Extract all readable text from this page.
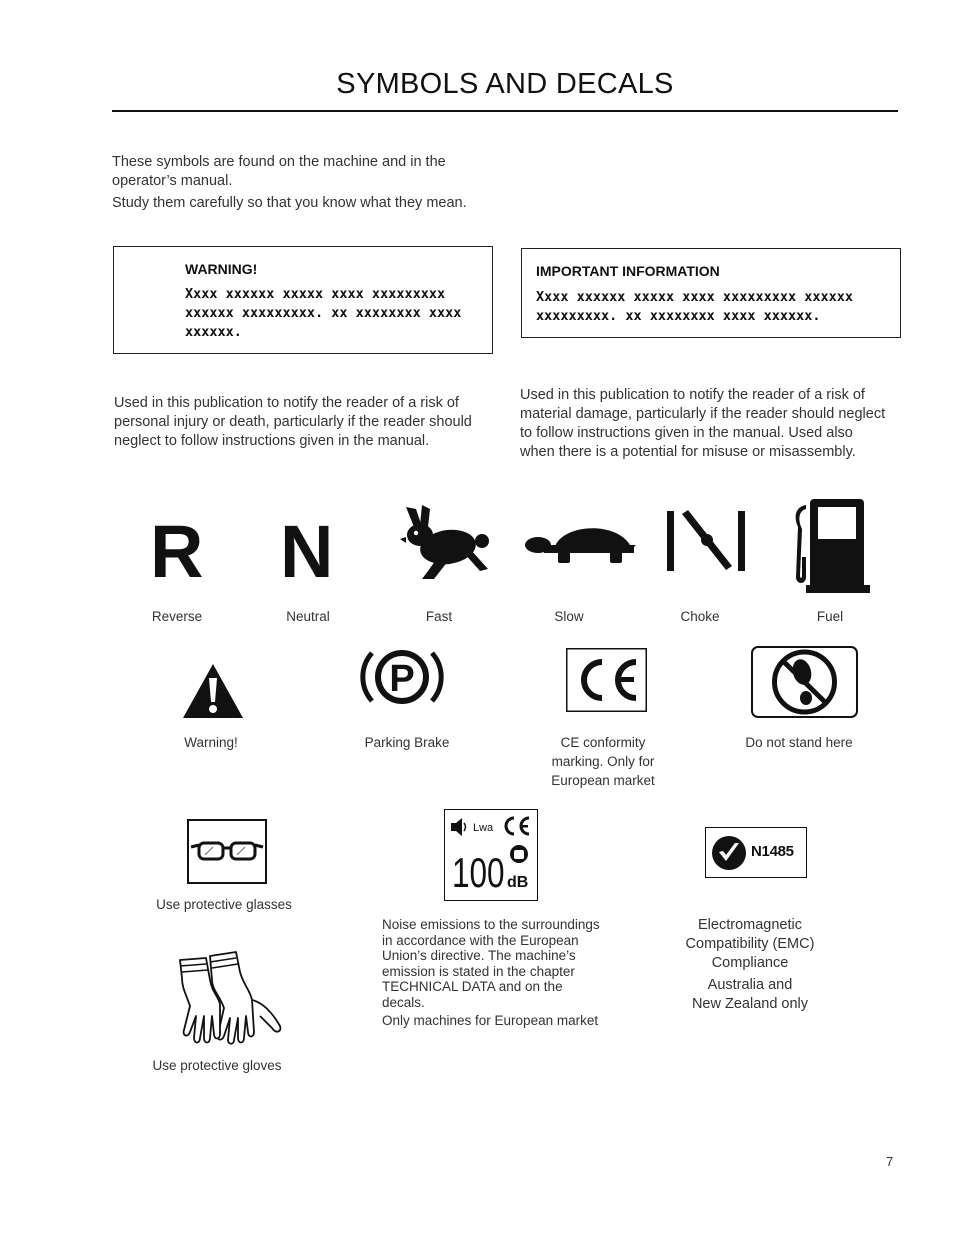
SYMBOLS AND DECALS

These symbols are found on the machine and in the operator’s manual.

Study them carefully so that you know what they mean.

WARNING!
Xxxx xxxxxx xxxxx xxxx xxxxxxxxx xxxxxx xxxxxxxxx. xx xxxxxxxx xxxx xxxxxx.
IMPORTANT INFORMATION
Xxxx xxxxxx xxxxx xxxx xxxxxxxxx xxxxxx xxxxxxxxx. xx xxxxxxxx xxxx xxxxxx.
Used in this publication to notify the reader of a risk of personal injury or death, particularly if the reader should neglect to follow instructions given in the manual.
Used in this publication to notify the reader of a risk of material damage, particularly if the reader should neglect to follow instructions given in the manual. Used also when there is a potential for misuse or misassembly.
R N
Reverse	Neutral	Fast	Slow	Choke	Fuel
P
Warning!	Parking Brake	CE conformity
marking. Only for
European market
Do not stand here
Use protective glasses
Use protective gloves
Lwa
100 dB
Noise emissions to the surroundings
in accordance with the European
Union’s directive. The machine’s
emission is stated in the chapter
TECHNICAL DATA and on the
decals.
Only machines for European market
N1485
Electromagnetic
Compatibility (EMC)
Compliance
Australia and
New Zealand only
7
